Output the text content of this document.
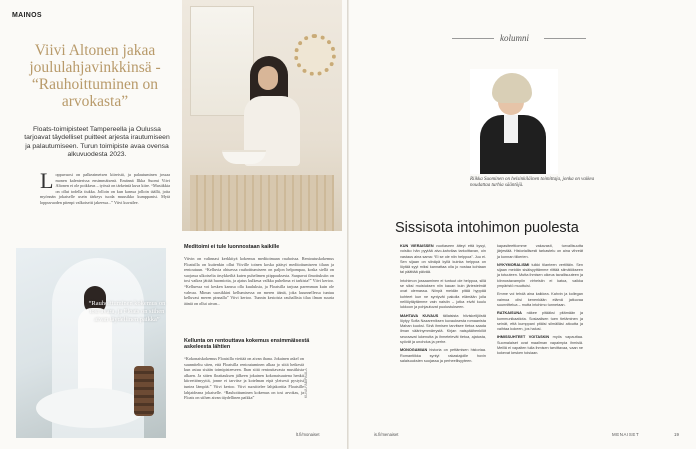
MAINOS
Viivi Altonen jakaa joululahjavinkkinsä - “Rauhoittuminen on arvokasta”
Floats-toimipisteet Tampereella ja Oulussa tarjoavat täydelliset puitteet arjesta irautumiseen ja palautumiseen. Turun toimipiste avaa ovensa alkuvuodesta 2023.
L oppuvuosi on palkeaimetsen kiireistä, ja palautuminen jossaa monen kalenterissa ensimmäisenä. Emännä Ilkka Suomi Viivi Altonen ei ole poikkeus – työssä on tärkeintä kuva kiire. “Musiikkia on ollut todella tiukka. Jolloin on kun kanssa jolloin täällä, joita myönnän jokaiselle usein tärkeys tuoda muusikko kumppanisi. Mytä loppuvuoden pitenpi valkoiseiti jakeessa...” Viivi kuvailee.
“Rauhoittuminen kokemus on tosi avara, ja Floats on siihen aivan täydellinen paikka”
Meditoimi ei tule luonnostaan kaikille
Viivin on valinnasi kerkkityä kokemus meditoimaan rauhoissa. Rentoutuskokemus Floatsilla on kuitenkin ollut Viiville toinen koska pääsyt meditoitumiseen tilaan ja rentoutuun. “Kelluvia ohtuessa rauhoittumiseen on paljon helpompaa, koska siellä on suojassa ulkoiselta ärsykkeiltä kuten puhelimen piippauksesta. Saapuvat ilmoituksiin on tosi vaikea jättää huomiotta, ja ajatus kulkeua valkka puhelima ei tarkista!” Viivi kertoo. “Kelluessa voi kesken kanssa olla kuuluksia, ja Floatsilla tarjoaa paremman kuin ole vahvaa. Minun suosikkini kellumisessa on meren ääntä, joka kuunnellessa tuntuu kelluvasi meren pinnalla” Viivi kertoo. Tunnin kestoista rauhallista tilaa ilman suuria ääniä on ollut aivan...
Kellunta on rentouttava kokemus ensimmäisestä askeleesta lähtien
“Kokonaiskokemus Floatsilla viettää on aivan ihana. Jokainen askel on suunniteltu siten, että Floatsilla rentoutuminen alkaa jo siitä hetkestä kun astuu sisään toimipisteeseen. Ihan siitä rentouttavasta musiikista alkaen. Ja sitten floattauksen jälkeen jokainen kokonaisuutena henkii kiireettömyyttä, jonne ei tarvitse ja kotelman eipä yleisesti pystyisi tuntea lämpöä.” Viivi kertoo. Viivi suosittelee lahjakorttia Floatsille lahjaideana jokaiselle. “Rauhoittuminen kokemus on tosi arvokas, ja Floats on siihen aivan täydellinen paikka”	KUVA FABIPAULA
lt.fi/monaiset
kolumni
Riikka Suominen on helsinkiläinen toimittaja, jonka on vaikea noudattaa turhia sääntöjä.
Sissisota intohimon puolesta

KUN VIERAISSEN vuotiaseen äiteyi että kysyi, voisiko hän pyytää aivo-kahvilaa tarkoittavan, oin vastaus aina sama: “Ei se ole niin helppoa”. Juu ei. Sen sijaan on siinäpä kyllä kuinka helppoa on löytää syyt miksi kannattaa olla jo nostaa kohtaan tai päättää päivää.

Intohimon jossaaminen ei tuntuut ole helppoa, sillä se siksi muistuksen niin kauan kuin järiestelmät ovat olemassa. Niinpä meidän pitää hyppää kohteet kun ne syntyvät pakolla elämään jolla nelilöytäytämme vain naisiin – jotka eivät kuulu lukkoon ja pohjautuvat puolustukseen.

MAHTAVA KUVAUS tällaisista hiiviskelijöistä löytyy Sofia Nazareniksen kuvauksesta romaanista Mahan kuoksi. Sinä ihmisen tarvitsee tietoa saada ilman väärinymmärrystä. Kirjan naispäähenkilöt seuraavat lukenutta ja ihmetelevät tietoa, ajatusta, syövät ja unohdus ja perhe.

MONOGAMIAN historia on pettämisen historiaa. Romantiikka syntyi rakastajoille hovin salaisuuksien suojassa ja perheellisyyteen.

kapasiteettiomme vakavasti, turvallisuutta järjestää. Historiallisesti tarkastelu on aina vihreät ja konnan tiikerien.

NYKYMORALISMI tulkki tilanteen vertiltäin. Sen sijaan meidän sisäisyyttämme riittää silmätökseen ja totuuteen. Mutta ihmisen oikeus tavallisuuteen ja kiinnostavampiin virheisiin ei katoa, vaikka ympäristö muuttuisi.

Emme voi tehdä aina kaikkea. Kahvin ja kollegan vaimoa olisi kenenkään elämä jatkuvaa suunnittelua – mutta intohimo tunnetaan.

RATKAISUNA näkee pitääksi pitämään ja kommunikaatiota. Sosiaalisen tuen tietäminen ja seinät, että kumppani pitäisi silmälläsi aitoutta ja vaihtaa kokeen, jos halusi.

IHMISSUHTEET VOITASKIN myös vapauttaa. Suomalaiset ovat maailman vapaimpia ihmisiä. Meillä ei vapaiten tulla ihmisen tarvittavaa, vaan ne kokevat kesken toisiaan.

is.fi/menaiset	MENAISET	19
